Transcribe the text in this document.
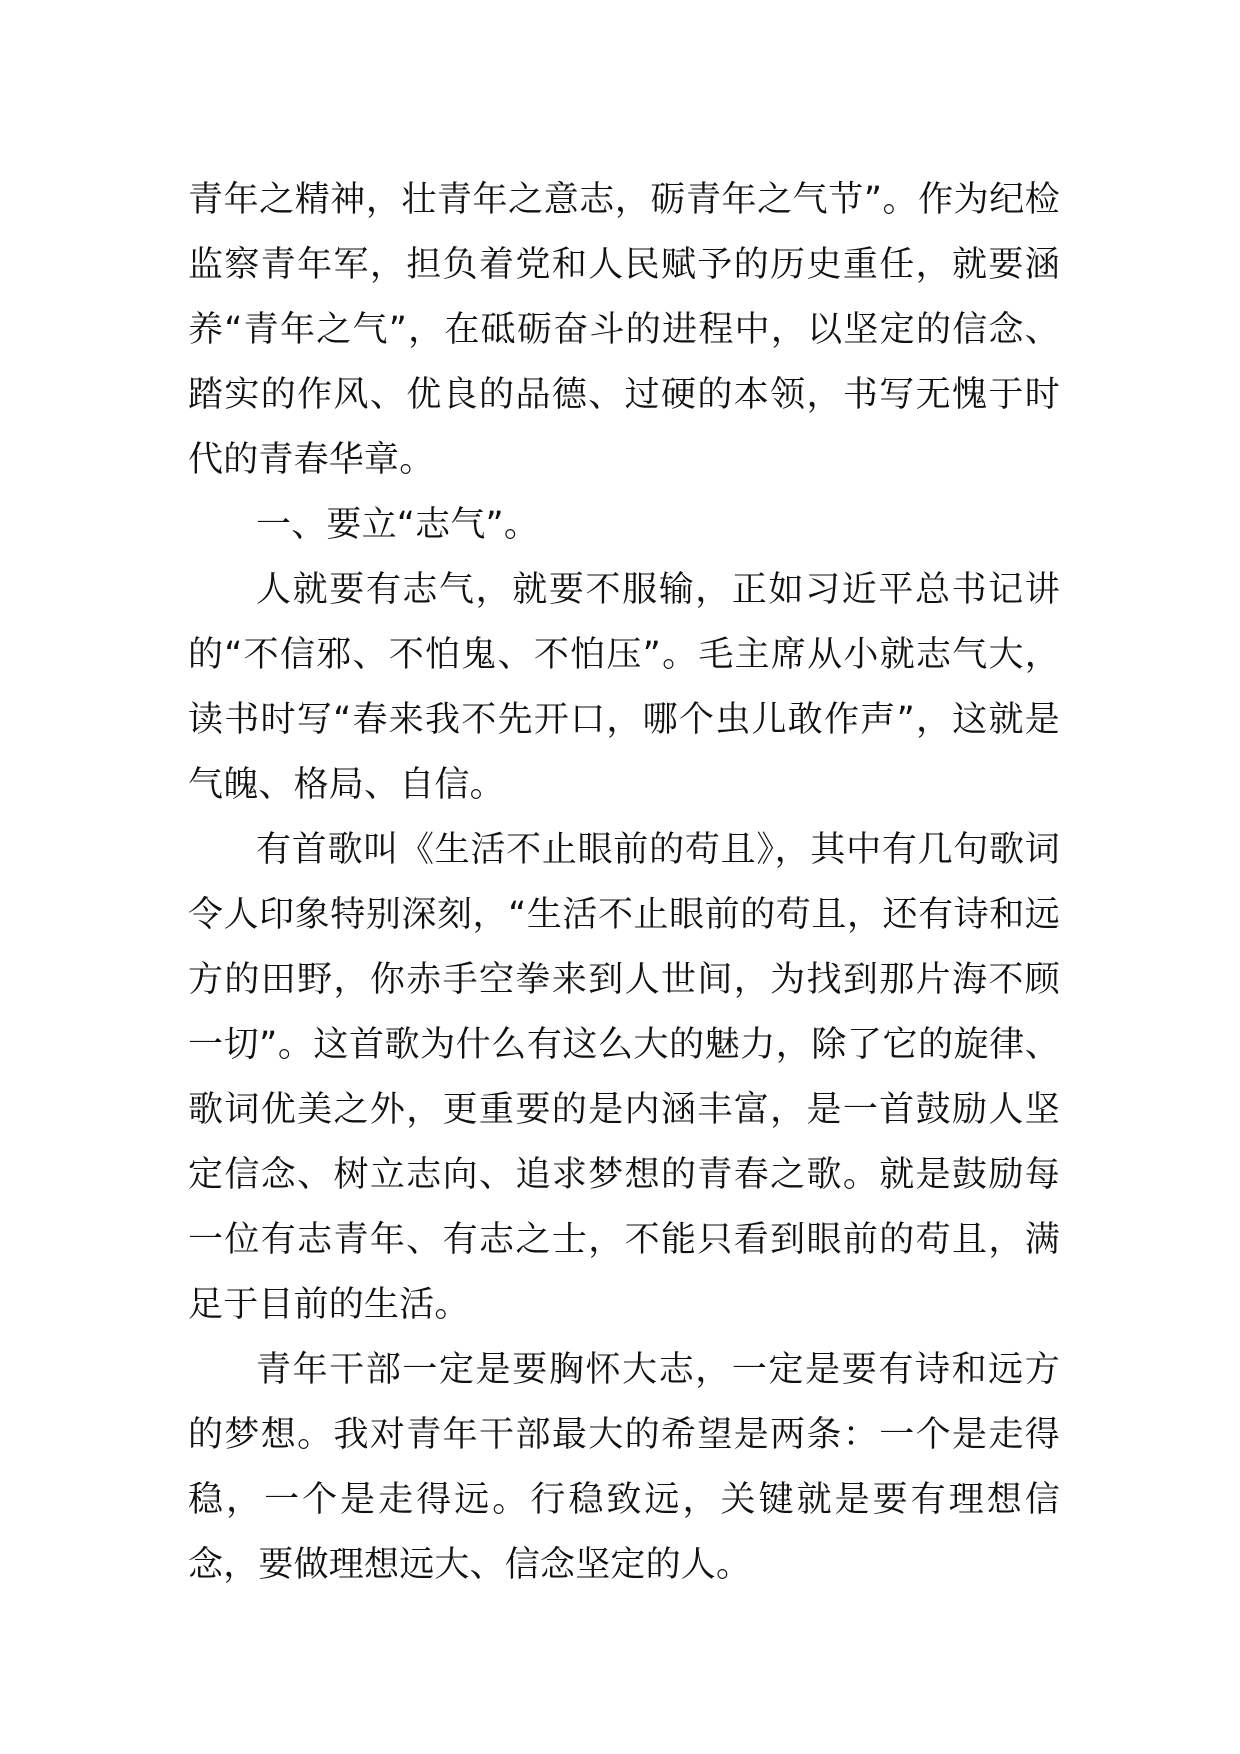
青年之精神，壮青年之意志，砺青年之气节”。作为纪检监察青年军，担负着党和人民赋予的历史重任，就要涵养“青年之气”，在砥砺奋斗的进程中，以坚定的信念、踏实的作风、优良的品德、过硬的本领，书写无愧于时代的青春华章。

一、要立“志气”。

人就要有志气，就要不服输，正如习近平总书记讲的“不信邪、不怕鬼、不怕压”。毛主席从小就志气大，读书时写“春来我不先开口，哪个虫儿敢作声”，这就是气魄、格局、自信。

有首歌叫《生活不止眼前的苟且》，其中有几句歌词令人印象特别深刻，“生活不止眼前的苟且，还有诗和远方的田野，你赤手空拳来到人世间，为找到那片海不顾一切”。这首歌为什么有这么大的魅力，除了它的旋律、歌词优美之外，更重要的是内涵丰富，是一首鼓励人坚定信念、树立志向、追求梦想的青春之歌。就是鼓励每一位有志青年、有志之士，不能只看到眼前的苟且，满足于目前的生活。

青年干部一定是要胸怀大志，一定是要有诗和远方的梦想。我对青年干部最大的希望是两条：一个是走得稳，一个是走得远。行稳致远，关键就是要有理想信念，要做理想远大、信念坚定的人。
